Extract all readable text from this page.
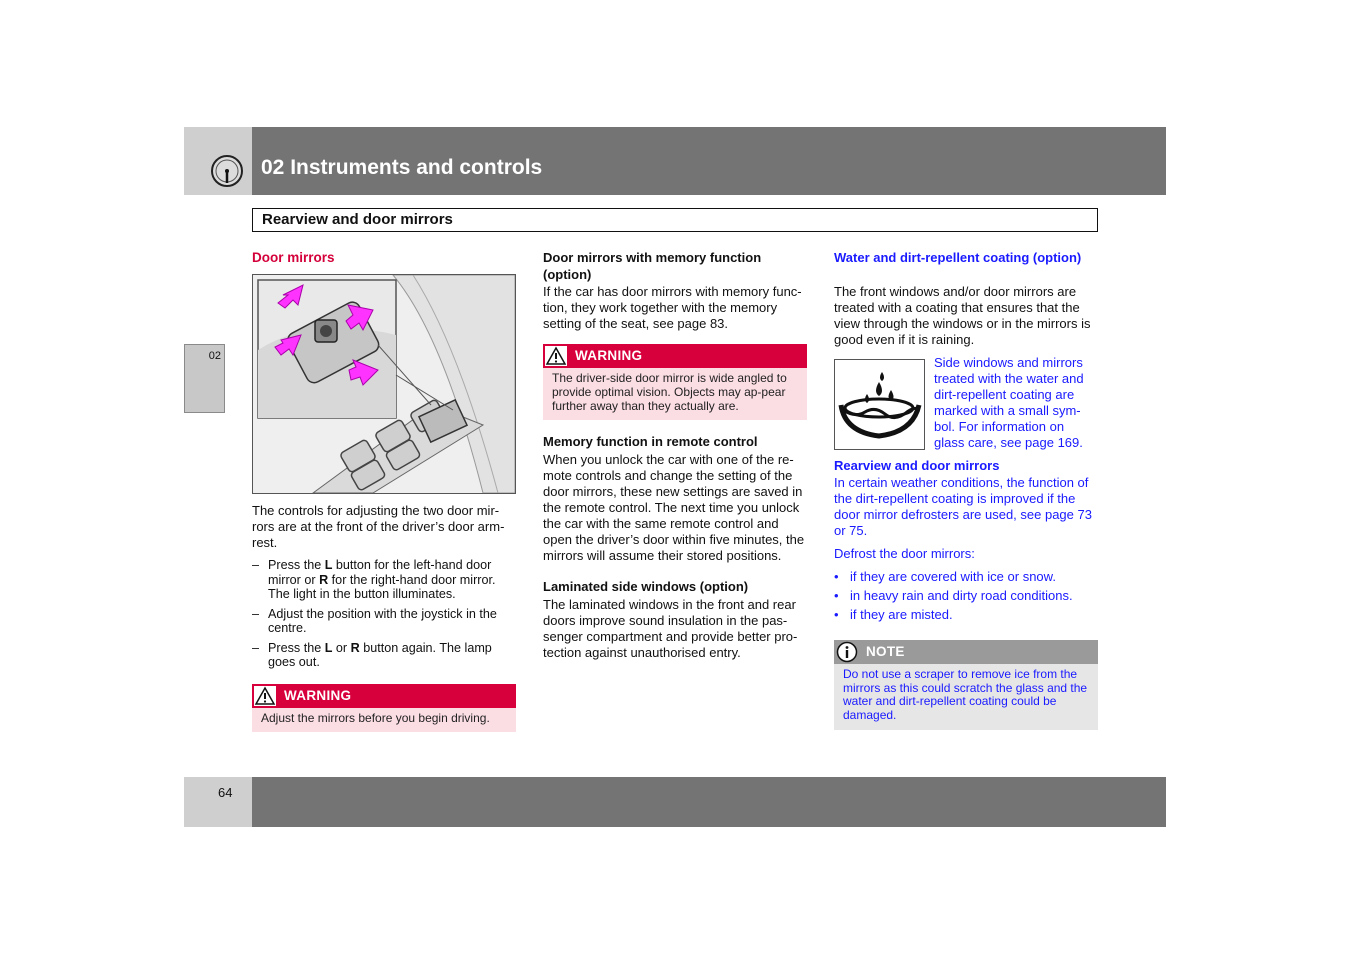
02 Instruments and controls
Rearview and door mirrors
02
Door mirrors
The controls for adjusting the two door mir-rors are at the front of the driver’s door arm-rest.
– Press the L button for the left-hand door mirror or R for the right-hand door mirror. The light in the button illuminates.
– Adjust the position with the joystick in the centre.
– Press the L or R button again. The lamp goes out.
WARNING
Adjust the mirrors before you begin driving.
Door mirrors with memory function (option)
If the car has door mirrors with memory func-tion, they work together with the memory setting of the seat, see page 83.
WARNING
The driver-side door mirror is wide angled to provide optimal vision. Objects may ap-pear further away than they actually are.
Memory function in remote control
When you unlock the car with one of the re-mote controls and change the setting of the door mirrors, these new settings are saved in the remote control. The next time you unlock the car with the same remote control and open the driver’s door within five minutes, the mirrors will assume their stored positions.
Laminated side windows (option)
The laminated windows in the front and rear doors improve sound insulation in the pas-senger compartment and provide better pro-tection against unauthorised entry.
Water and dirt-repellent coating (option)
The front windows and/or door mirrors are treated with a coating that ensures that the view through the windows or in the mirrors is good even if it is raining.
Side windows and mirrors treated with the water and dirt-repellent coating are marked with a small sym-bol. For information on glass care, see page 169.
Rearview and door mirrors
In certain weather conditions, the function of the dirt-repellent coating is improved if the door mirror defrosters are used, see page 73 or 75.
Defrost the door mirrors:
• if they are covered with ice or snow.
• in heavy rain and dirty road conditions.
• if they are misted.
NOTE
Do not use a scraper to remove ice from the mirrors as this could scratch the glass and the water and dirt-repellent coating could be damaged.
64
